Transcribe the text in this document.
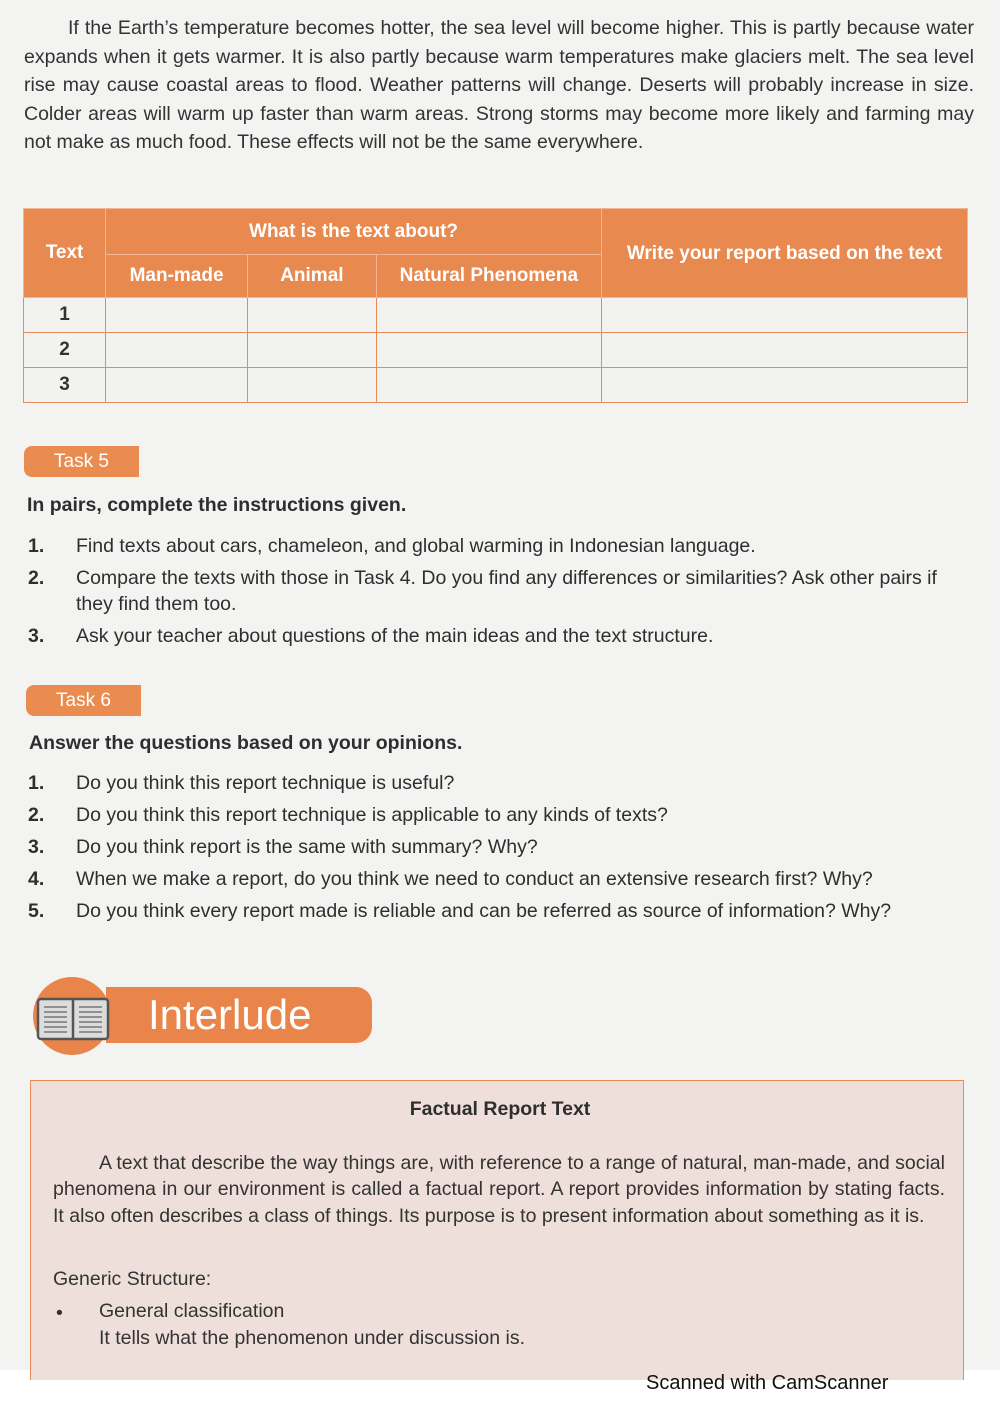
If the Earth’s temperature becomes hotter, the sea level will become higher. This is partly because water expands when it gets warmer. It is also partly because warm temperatures make glaciers melt. The sea level rise may cause coastal areas to flood. Weather patterns will change. Deserts will probably increase in size. Colder areas will warm up faster than warm areas. Strong storms may become more likely and farming may not make as much food. These effects will not be the same everywhere.

Text	What is the text about?			Write your report based on the text
	Man-made	Animal	Natural Phenomena	
1				
2				
3				
Task 5
In pairs, complete the instructions given.
1.	Find texts about cars, chameleon, and global warming in Indonesian language.
2.	Compare the texts with those in Task 4. Do you find any differences or similarities? Ask other pairs if they find them too.
3.	Ask your teacher about questions of the main ideas and the text structure.
Task 6
Answer the questions based on your opinions.
1.	Do you think this report technique is useful?
2.	Do you think this report technique is applicable to any kinds of texts?
3.	Do you think report is the same with summary? Why?
4.	When we make a report, do you think we need to conduct an extensive research first? Why?
5.	Do you think every report made is reliable and can be referred as source of information? Why?
Interlude
Factual Report Text

A text that describe the way things are, with reference to a range of natural, man-made, and social phenomena in our environment is called a factual report. A report provides information by stating facts. It also often describes a class of things. Its purpose is to present information about something as it is.

Generic Structure:
• General classification
It tells what the phenomenon under discussion is.
Scanned with CamScanner
